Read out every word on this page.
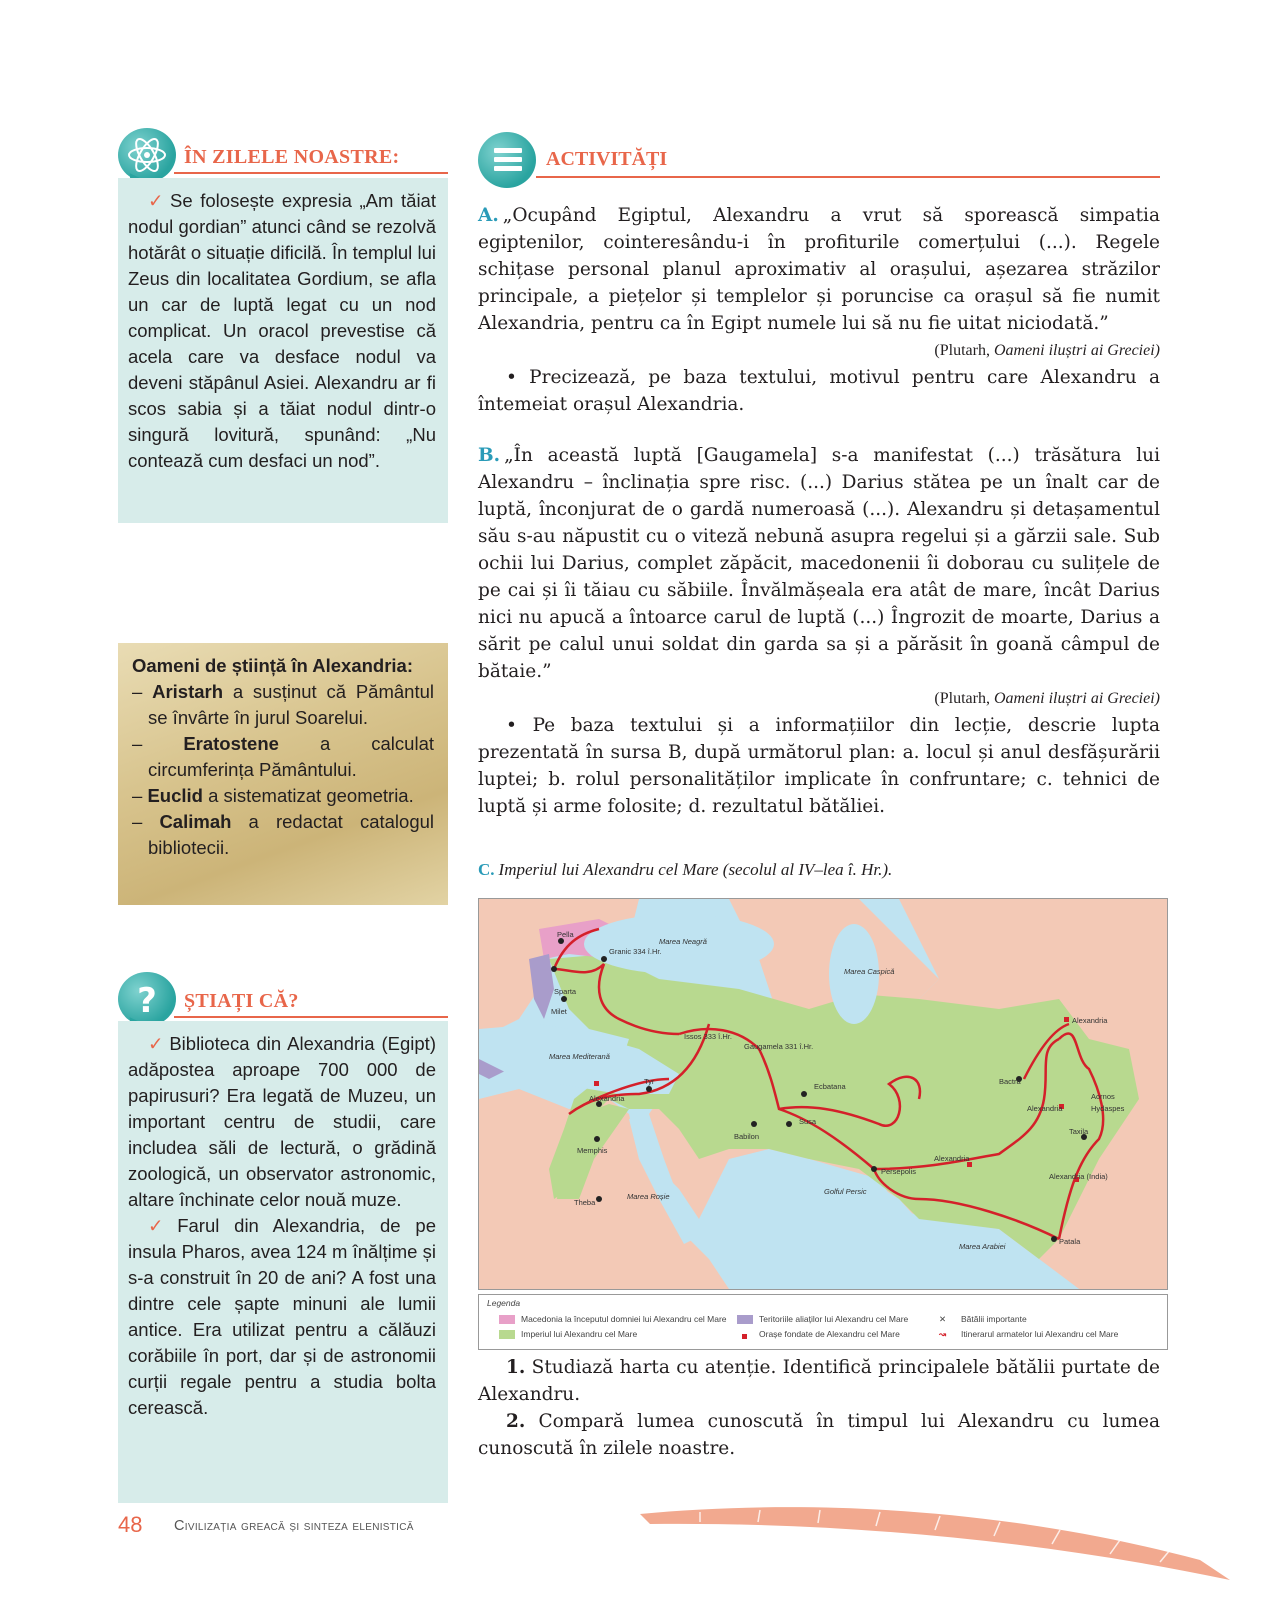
ÎN ZILELE NOASTRE:

✓ Se folosește expresia „Am tăiat nodul gordian” atunci când se rezolvă hotărât o situație dificilă. În templul lui Zeus din localitatea Gordium, se afla un car de luptă legat cu un nod complicat. Un oracol prevestise că acela care va desface nodul va deveni stăpânul Asiei. Alexandru ar fi scos sabia și a tăiat nodul dintr-o singură lovitură, spunând: „Nu contează cum desfaci un nod”.

Oameni de știință în Alexandria:

– Aristarh a susținut că Pământul se învârte în jurul Soarelui.

– Eratostene a calculat circumferința Pământului.

– Euclid a sistematizat geometria.

– Calimah a redactat catalogul bibliotecii.

? ȘTIAȚI CĂ?

✓ Biblioteca din Alexandria (Egipt) adăpostea aproape 700 000 de papirusuri? Era legată de Muzeu, un important centru de studii, care includea săli de lectură, o grădină zoologică, un observator astronomic, altare închinate celor nouă muze.

✓ Farul din Alexandria, de pe insula Pharos, avea 124 m înălțime și s-a construit în 20 de ani? A fost una dintre cele șapte minuni ale lumii antice. Era utilizat pentru a călăuzi corăbiile în port, dar și de astronomii curții regale pentru a studia bolta cerească.

ACTIVITĂȚI

A. „Ocupând Egiptul, Alexandru a vrut să sporească simpatia egiptenilor, cointeresându-i în profiturile comerțului (...). Regele schițase personal planul aproximativ al orașului, așezarea străzilor principale, a piețelor și templelor și poruncise ca orașul să fie numit Alexandria, pentru ca în Egipt numele lui să nu fie uitat niciodată.”

(Plutarh, Oameni iluștri ai Greciei)

• Precizează, pe baza textului, motivul pentru care Alexandru a întemeiat orașul Alexandria.

B. „În această luptă [Gaugamela] s-a manifestat (...) trăsătura lui Alexandru – înclinația spre risc. (...) Darius stătea pe un înalt car de luptă, înconjurat de o gardă numeroasă (...). Alexandru și detașamentul său s-au năpustit cu o viteză nebună asupra regelui și a gărzii sale. Sub ochii lui Darius, complet zăpăcit, macedonenii îi doborau cu sulițele de pe cai și îi tăiau cu săbiile. Învălmășeala era atât de mare, încât Darius nici nu apucă a întoarce carul de luptă (...) Îngrozit de moarte, Darius a sărit pe calul unui soldat din garda sa și a părăsit în goană câmpul de bătaie.”

(Plutarh, Oameni iluștri ai Greciei)

• Pe baza textului și a informațiilor din lecție, descrie lupta prezentată în sursa B, după următorul plan: a. locul și anul desfășurării luptei; b. rolul personalităților implicate în confruntare; c. tehnici de luptă și arme folosite; d. rezultatul bătăliei.

C. Imperiul lui Alexandru cel Mare (secolul al IV–lea î. Hr.).
Pella
Granic 334 î.Hr.
Sparta
Milet
Marea Neagră
Marea Caspică
Marea Mediterană
Issos 333 î.Hr.
Gaugamela 331 î.Hr.
Tyr
Alexandria
Memphis
Theba
Marea Roșie
Babilon
Susa
Ecbatana
Persepolis
Golful Persic
Marea Arabiei
Bactra
Alexandria
Alexandria
Alexandria
Alexandria (India)
Taxila
Patala
Aornos
Hydaspes
Legenda
Macedonia la începutul domniei lui Alexandru cel Mare
Imperiul lui Alexandru cel Mare
Teritoriile aliaților lui Alexandru cel Mare
Orașe fondate de Alexandru cel Mare
✕ Bătălii importante
↝ Itinerarul armatelor lui Alexandru cel Mare

1. Studiază harta cu atenție. Identifică principalele bătălii purtate de Alexandru.

2. Compară lumea cunoscută în timpul lui Alexandru cu lumea cunoscută în zilele noastre.

48 Civilizația greacă și sinteza elenistică
